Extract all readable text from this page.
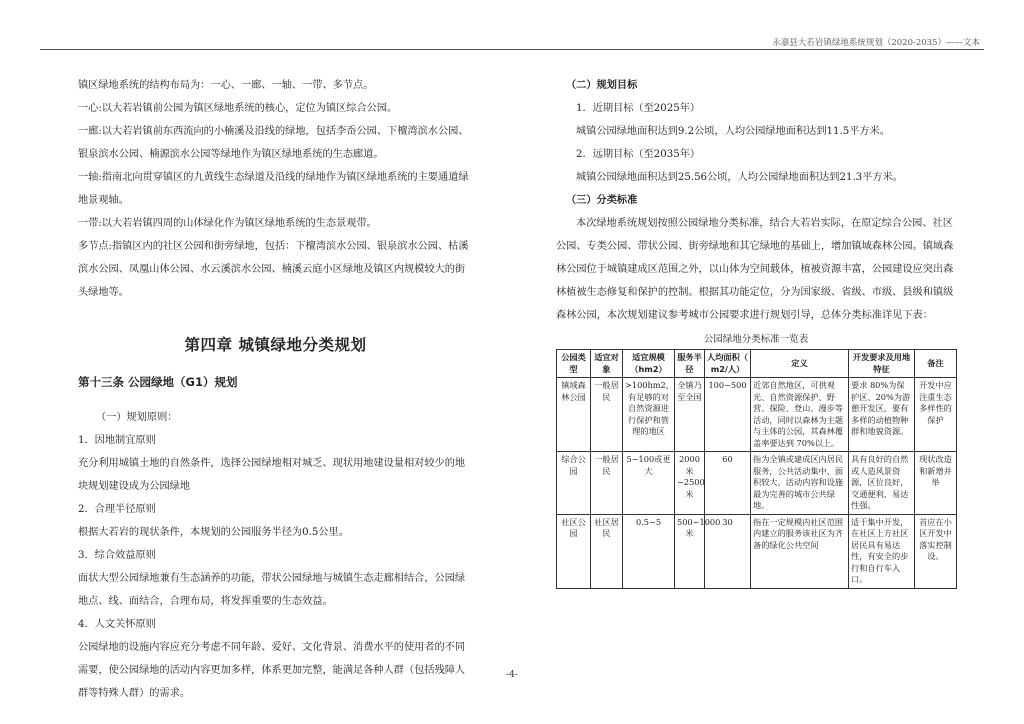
永嘉县大若岩镇绿地系统规划（2020-2035）——文本

镇区绿地系统的结构布局为：一心、一廊、一轴、一带、多节点。

一心:以大若岩镇前公园为镇区绿地系统的核心，定位为镇区综合公园。

一廊:以大若岩镇前东西流向的小楠溪及沿线的绿地，包括李岙公园、下檀湾滨水公园、银泉滨水公园、楠源滨水公园等绿地作为镇区绿地系统的生态廊道。

一轴:指南北向贯穿镇区的九黄线生态绿道及沿线的绿地作为镇区绿地系统的主要通道绿地景观轴。

一带:以大若岩镇四周的山体绿化作为镇区绿地系统的生态景观带。

多节点:指镇区内的社区公园和街旁绿地，包括：下檀湾滨水公园、银泉滨水公园、枯溪滨水公园、凤凰山体公园、水云溪滨水公园、楠溪云庭小区绿地及镇区内规模较大的街头绿地等。

第四章 城镇绿地分类规划
第十三条 公园绿地（G1）规划

（一）规划原则：

1．因地制宜原则

充分利用城镇土地的自然条件，选择公园绿地相对城乏、现状用地建设量相对较少的地块规划建设成为公园绿地

2．合理半径原则

根据大若岩的现状条件，本规划的公园服务半径为0.5公里。

3．综合效益原则

面状大型公园绿地兼有生态涵养的功能，带状公园绿地与城镇生态走廊相结合，公园绿地点、线、面结合，合理布局，将发挥重要的生态效益。

4．人文关怀原则

公园绿地的设施内容应充分考虑不同年龄、爱好、文化背景、消费水平的使用者的不同需要，使公园绿地的活动内容更加多样，体系更加完整，能满足各种人群（包括残障人群等特殊人群）的需求。

（二）规划目标

1．近期目标（至2025年）

城镇公园绿地面积达到9.2公顷，人均公园绿地面积达到11.5平方米。

2．远期目标（至2035年）

城镇公园绿地面积达到25.56公顷，人均公园绿地面积达到21.3平方米。

（三）分类标准

本次绿地系统规划按照公园绿地分类标准，结合大若岩实际，在原定综合公园、社区公园、专类公园、带状公园、街旁绿地和其它绿地的基础上，增加镇域森林公园。镇域森林公园位于城镇建成区范围之外，以山体为空间载体，植被资源丰富，公园建设应突出森林植被生态修复和保护的控制。根据其功能定位，分为国家级、省级、市级、县级和镇级森林公园，本次规划建议参考城市公园要求进行规划引导，总体分类标准详见下表：

公园绿地分类标准一览表
公园类型	适宜对象	适宜规模（hm2）	服务半径	人均面积（ m2/人）	定义	开发要求及用地特征	备注
镇域森林公园	一般居民	>100hm2，有足够的对自然资源进行保护和管理的地区	全镇乃至全国	100~500	近郊自然地区，可供观光、自然资源保护、野营、探险、登山、漫步等活动，同时以森林为主题与主体的公园，其森林覆盖率要达到 70%以上。	要求 80%为保护区、20%为游憩开发区，要有多样的动植物种群和地貌资源。	开发中应注重生态多样性的保护
综合公园	一般居民	5~100或更大	2000米~2500米	60	指为全镇或建成区内居民服务，公共活动集中，面积较大，活动内容和设施最为完善的城市公共绿地。	具有良好的自然或人造风景资源，区位良好，交通便利，易达性强。	现状改造和新增并举
社区公园	社区居民	0.5~5	500~1000米	30	指在一定规模内社区范围内建立的服务该社区为齐备的绿化公共空间	适于集中开发，在社区上方社区居民具有易达性，有安全的步行和自行车入口。	首应在小区开发中落实控制设。
-4-
